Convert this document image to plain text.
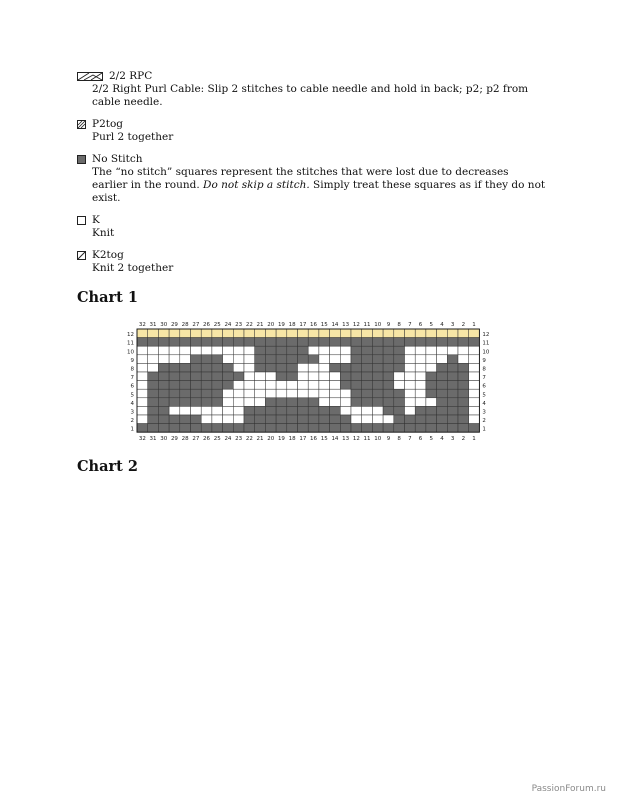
2/2 RPC
2/2 Right Purl Cable: Slip 2 stitches to cable needle and hold in back; p2; p2 from cable needle.
P2tog
Purl 2 together
No Stitch
The “no stitch” squares represent the stitches that were lost due to decreases earlier in the round. Do not skip a stitch. Simply treat these squares as if they do not exist.
K
Knit
K2tog
Knit 2 together
Chart 1
12	12
11	11
10	10
9	9
8	8
7	7
6	6
5	5
4	4
3	3
2	2
1	1
32
32
31
31
30
30
29
29
28
28
27
27
26
26
25
25
24
24
23
23
22
22
21
21
20
20
19
19
18
18
17
17
16
16
15
15
14
14
13
13
12
12
11
11
10
10
9
9
8
8
7
7
6
6
5
5
4
4
3
3
2
2
1
1
Chart 2
PassionForum.ru
